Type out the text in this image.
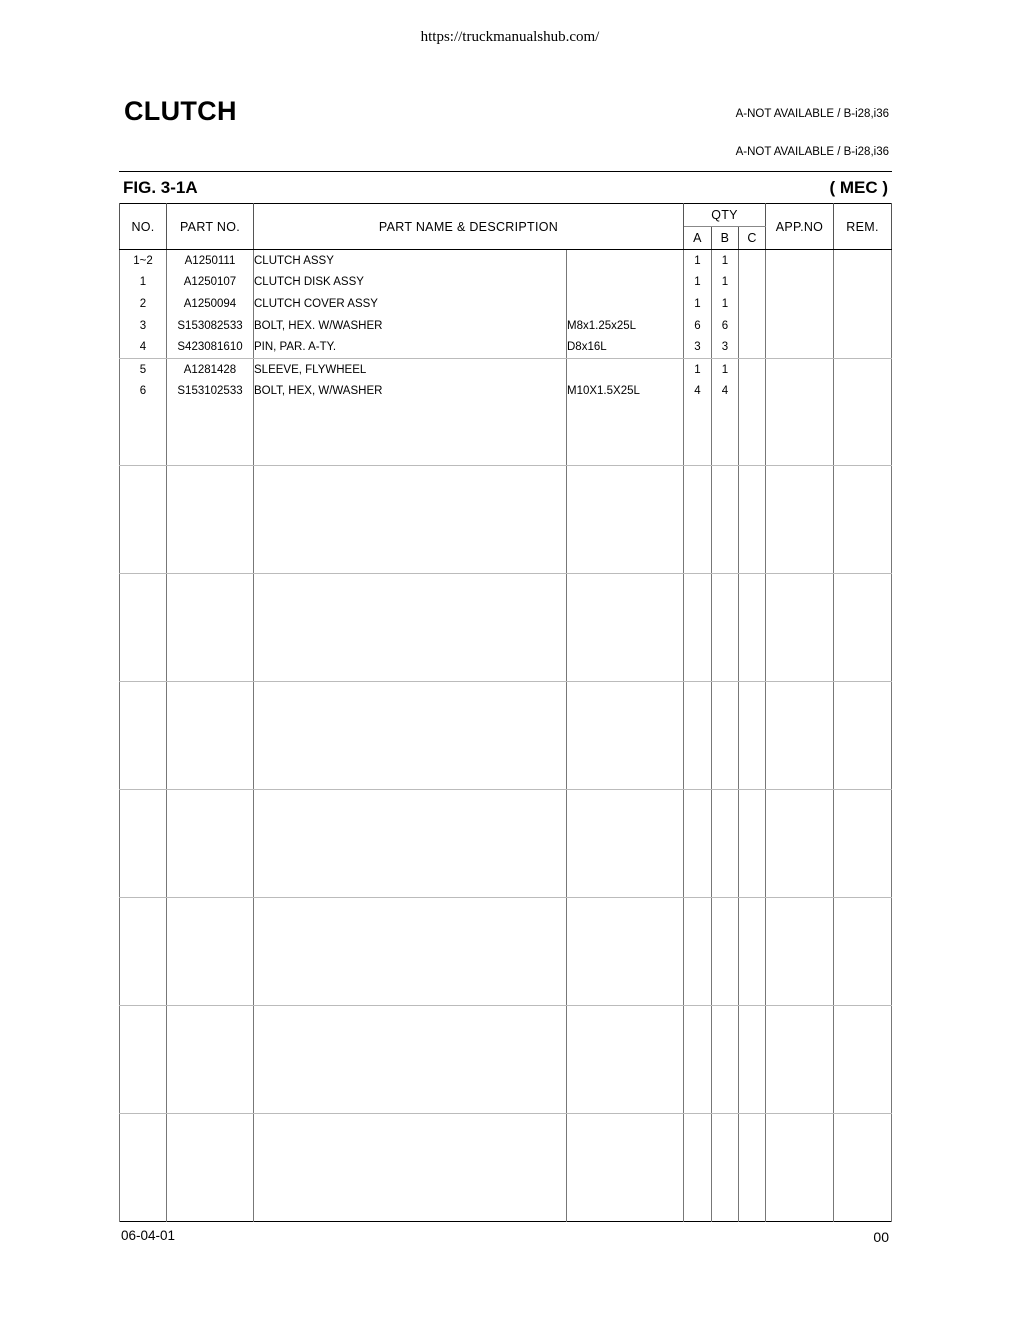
https://truckmanualshub.com/
CLUTCH	A-NOT AVAILABLE / B-i28,i36
A-NOT AVAILABLE / B-i28,i36
FIG. 3-1A	( MEC )
NO.	PART NO.	PART NAME & DESCRIPTION		QTY			APP.NO	REM.
				A	B	C		
1~2	A1250111	CLUTCH ASSY		1	1			
1	A1250107	CLUTCH DISK ASSY		1	1			
2	A1250094	CLUTCH COVER ASSY		1	1			
3	S153082533	BOLT, HEX. W/WASHER	M8x1.25x25L	6	6			
4	S423081610	PIN, PAR. A-TY.	D8x16L	3	3			
5	A1281428	SLEEVE, FLYWHEEL		1	1			
6	S153102533	BOLT, HEX, W/WASHER	M10X1.5X25L	4	4			

06-04-01	00
